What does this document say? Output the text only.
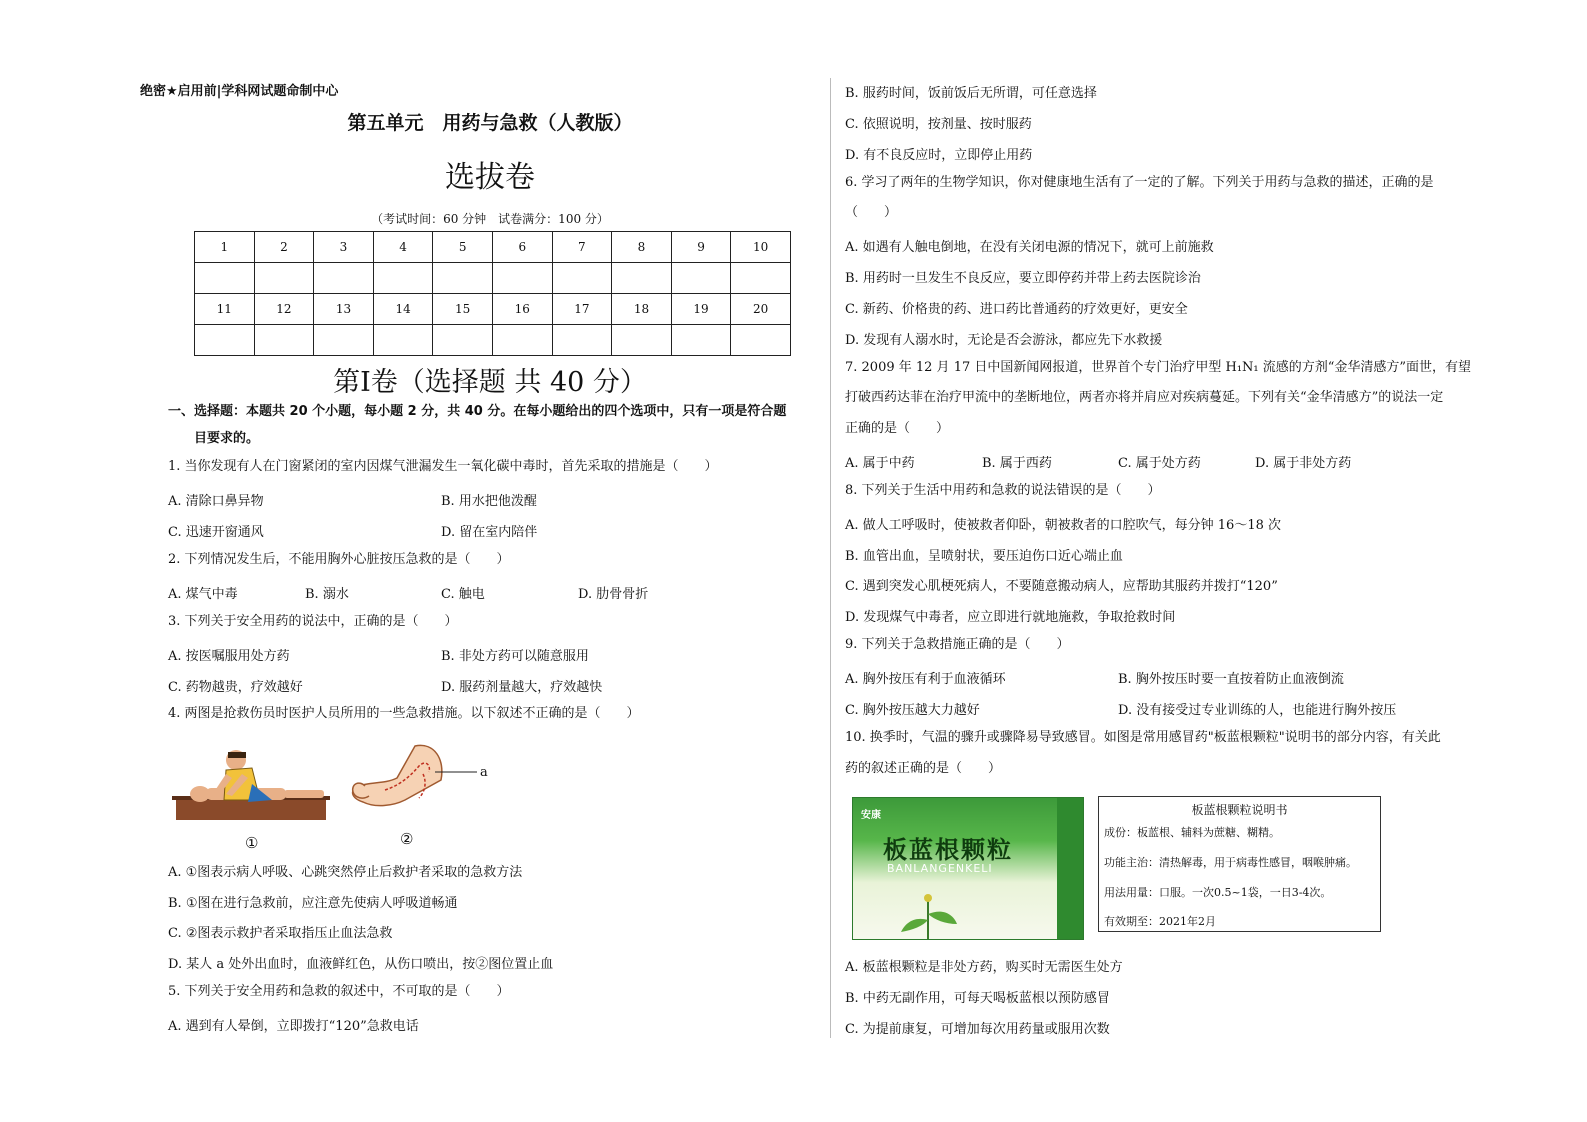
绝密★启用前|学科网试题命制中心
第五单元　用药与急救（人教版）
选拔卷
（考试时间：60 分钟　试卷满分：100 分）
1	2	3	4	5	6	7	8	9	10

11	12	13	14	15	16	17	18	19	20

第I卷（选择题 共 40 分）
一、选择题：本题共 20 个小题，每小题 2 分，共 40 分。在每小题给出的四个选项中，只有一项是符合题
目要求的。
1. 当你发现有人在门窗紧闭的室内因煤气泄漏发生一氧化碳中毒时，首先采取的措施是（　　）
A. 清除口鼻异物	B. 用水把他泼醒
C. 迅速开窗通风	D. 留在室内陪伴
2. 下列情况发生后，不能用胸外心脏按压急救的是（　　）
A. 煤气中毒	B. 溺水	C. 触电	D. 肋骨骨折
3. 下列关于安全用药的说法中，正确的是（　　）
A. 按医嘱服用处方药	B. 非处方药可以随意服用
C. 药物越贵，疗效越好	D. 服药剂量越大，疗效越快
4. 两图是抢救伤员时医护人员所用的一些急救措施。以下叙述不正确的是（　　）
①
a
②
A. ①图表示病人呼吸、心跳突然停止后救护者采取的急救方法
B. ①图在进行急救前，应注意先使病人呼吸道畅通
C. ②图表示救护者采取指压止血法急救
D. 某人 a 处外出血时，血液鲜红色，从伤口喷出，按②图位置止血
5. 下列关于安全用药和急救的叙述中，不可取的是（　　）
A. 遇到有人晕倒，立即拨打“120”急救电话
B. 服药时间，饭前饭后无所谓，可任意选择
C. 依照说明，按剂量、按时服药
D. 有不良反应时，立即停止用药
6. 学习了两年的生物学知识，你对健康地生活有了一定的了解。下列关于用药与急救的描述，正确的是
（　　）
A. 如遇有人触电倒地，在没有关闭电源的情况下，就可上前施救
B. 用药时一旦发生不良反应，要立即停药并带上药去医院诊治
C. 新药、价格贵的药、进口药比普通药的疗效更好，更安全
D. 发现有人溺水时，无论是否会游泳，都应先下水救援
7. 2009 年 12 月 17 日中国新闻网报道，世界首个专门治疗甲型 H₁N₁ 流感的方剂“金华清感方”面世，有望
打破西药达菲在治疗甲流中的垄断地位，两者亦将并肩应对疾病蔓延。下列有关“金华清感方”的说法一定
正确的是（　　）
A. 属于中药	B. 属于西药	C. 属于处方药	D. 属于非处方药
8. 下列关于生活中用药和急救的说法错误的是（　　）
A. 做人工呼吸时，使被救者仰卧，朝被救者的口腔吹气，每分钟 16～18 次
B. 血管出血，呈喷射状，要压迫伤口近心端止血
C. 遇到突发心肌梗死病人，不要随意搬动病人，应帮助其服药并拨打“120”
D. 发现煤气中毒者，应立即进行就地施救，争取抢救时间
9. 下列关于急救措施正确的是（　　）
A. 胸外按压有利于血液循环	B. 胸外按压时要一直按着防止血液倒流
C. 胸外按压越大力越好	D. 没有接受过专业训练的人，也能进行胸外按压
10. 换季时，气温的骤升或骤降易导致感冒。如图是常用感冒药"板蓝根颗粒"说明书的部分内容，有关此
药的叙述正确的是（　　）
安康
板蓝根颗粒
BANLANGENKELI
板蓝根颗粒说明书
成份：板蓝根、辅料为蔗糖、糊精。
功能主治：清热解毒，用于病毒性感冒，咽喉肿痛。
用法用量：口服。一次0.5~1袋，一日3-4次。
有效期至：2021年2月
A. 板蓝根颗粒是非处方药，购买时无需医生处方
B. 中药无副作用，可每天喝板蓝根以预防感冒
C. 为提前康复，可增加每次用药量或服用次数
